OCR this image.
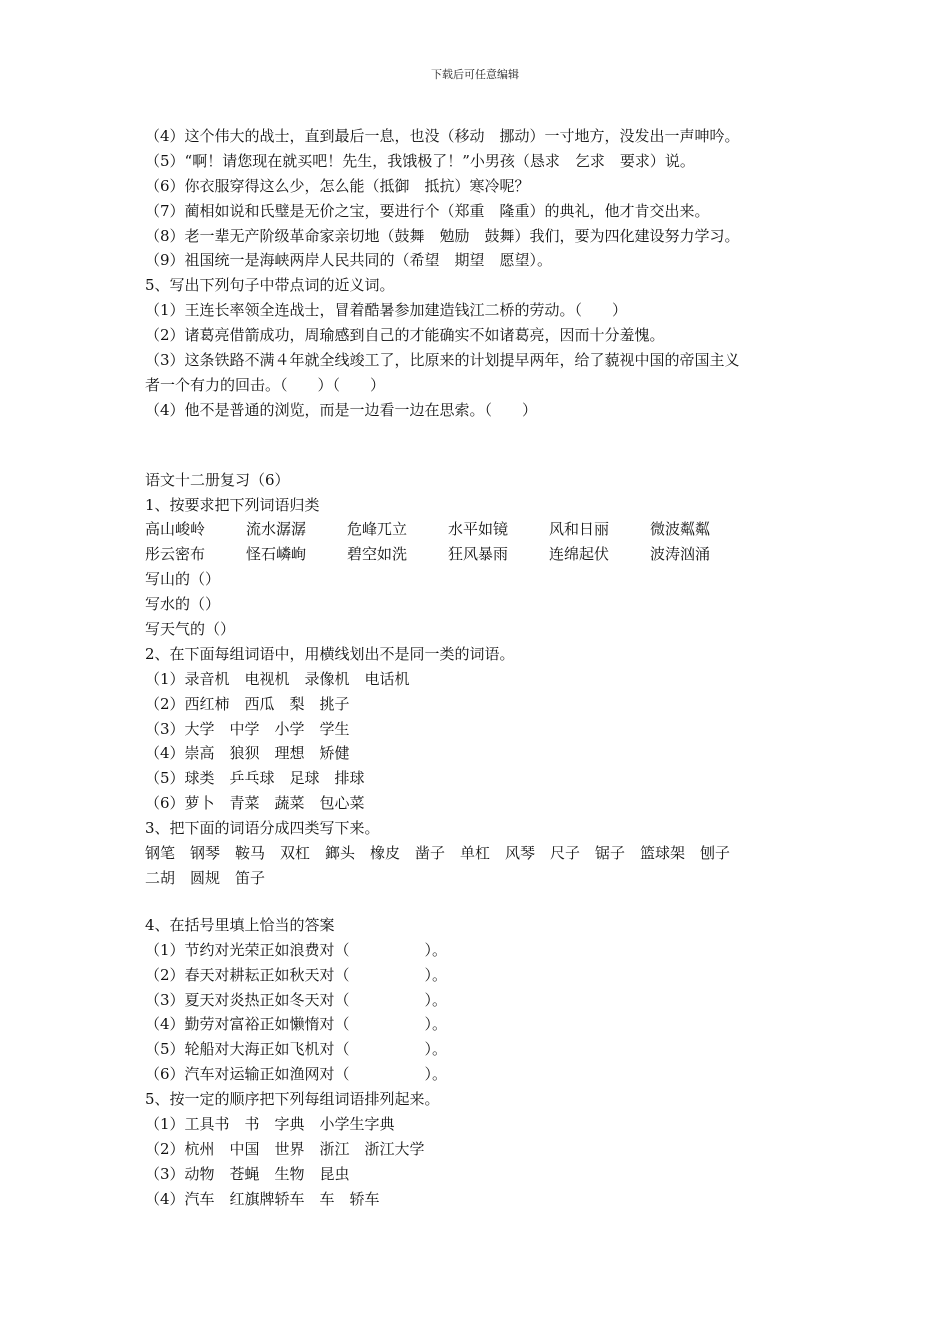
下载后可任意编辑
（4）这个伟大的战士，直到最后一息，也没（移动　挪动）一寸地方，没发出一声呻吟。
（5）“啊！请您现在就买吧！先生，我饿极了！”小男孩（恳求　乞求　要求）说。
（6）你衣服穿得这么少，怎么能（抵御　抵抗）寒冷呢？
（7）蔺相如说和氏璧是无价之宝，要进行个（郑重　隆重）的典礼，他才肯交出来。
（8）老一辈无产阶级革命家亲切地（鼓舞　勉励　鼓舞）我们，要为四化建设努力学习。
（9）祖国统一是海峡两岸人民共同的（希望　期望　愿望）。
5、写出下列句子中带点词的近义词。
（1）王连长率领全连战士，冒着酷暑参加建造钱江二桥的劳动。（　　）
（2）诸葛亮借箭成功，周瑜感到自己的才能确实不如诸葛亮，因而十分羞愧。
（3）这条铁路不满４年就全线竣工了，比原来的计划提早两年，给了藐视中国的帝国主义
者一个有力的回击。（　　）（　　）
（4）他不是普通的浏览，而是一边看一边在思索。（　　）
语文十二册复习（6）
1、按要求把下列词语归类
高山峻岭	流水潺潺	危峰兀立	水平如镜	风和日丽	微波粼粼
彤云密布	怪石嶙峋	碧空如洗	狂风暴雨	连绵起伏	波涛汹涌
写山的（）
写水的（）
写天气的（）
2、在下面每组词语中，用横线划出不是同一类的词语。
（1）录音机　电视机　录像机　电话机
（2）西红柿　西瓜　梨　挑子
（3）大学　中学　小学　学生
（4）崇高　狼狈　理想　矫健
（5）球类　乒乓球　足球　排球
（6）萝卜　青菜　蔬菜　包心菜
3、把下面的词语分成四类写下来。
钢笔　钢琴　鞍马　双杠　鎯头　橡皮　凿子　单杠　风琴　尺子　锯子　篮球架　刨子
二胡　圆规　笛子
4、在括号里填上恰当的答案
（1）节约对光荣正如浪费对（　　　　　）。
（2）春天对耕耘正如秋天对（　　　　　）。
（3）夏天对炎热正如冬天对（　　　　　）。
（4）勤劳对富裕正如懒惰对（　　　　　）。
（5）轮船对大海正如飞机对（　　　　　）。
（6）汽车对运输正如渔网对（　　　　　）。
5、按一定的顺序把下列每组词语排列起来。
（1）工具书　书　字典　小学生字典
（2）杭州　中国　世界　浙江　浙江大学
（3）动物　苍蝇　生物　昆虫
（4）汽车　红旗牌轿车　车　轿车
